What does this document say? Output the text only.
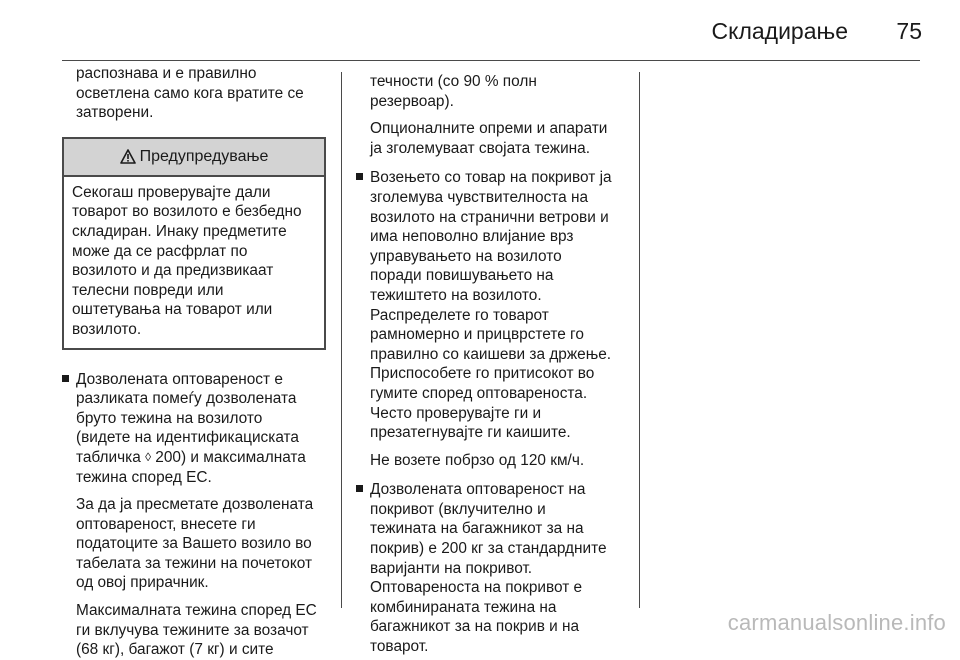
Складирање 75

распознава и е правилно
осветлена само кога вратите се
затворени.

Предупредување

Секогаш проверувајте дали
товарот во возилото е безбедно
складиран. Инаку предметите
може да се расфрлат по
возилото и да предизвикаат
телесни повреди или
оштетувања на товарот или
возилото.

Дозволената оптовареност е
разликата помеѓу дозволената
бруто тежина на возилото
(видете на идентификациската
табличка ◊ 200) и максималната
тежина според ЕС.

За да ја пресметате дозволената
оптовареност, внесете ги
податоците за Вашето возило во
табелата за тежини на почетокот
од овој прирачник.

Максималната тежина според ЕС
ги вклучува тежините за возачот
(68 кг), багажот (7 кг) и сите

течности (со 90 % полн
резервоар).

Опционалните опреми и апарати
ја зголемуваат својата тежина.

Возењето со товар на покривот ја
зголемува чувствителноста на
возилото на странични ветрови и
има неповолно влијание врз
управувањето на возилото
поради повишувањето на
тежиштето на возилото.
Распределете го товарот
рамномерно и прицврстете го
правилно со каишеви за држење.
Приспособете го притисокот во
гумите според оптовареноста.
Често проверувајте ги и
презатегнувајте ги каишите.

Не возете побрзо од 120 км/ч.

Дозволената оптовареност на
покривот (вклучително и
тежината на багажникот за на
покрив) е 200 кг за стандардните
варијанти на покривот.
Оптовареноста на покривот е
комбинираната тежина на
багажникот за на покрив и на
товарот.

carmanualsonline.info
